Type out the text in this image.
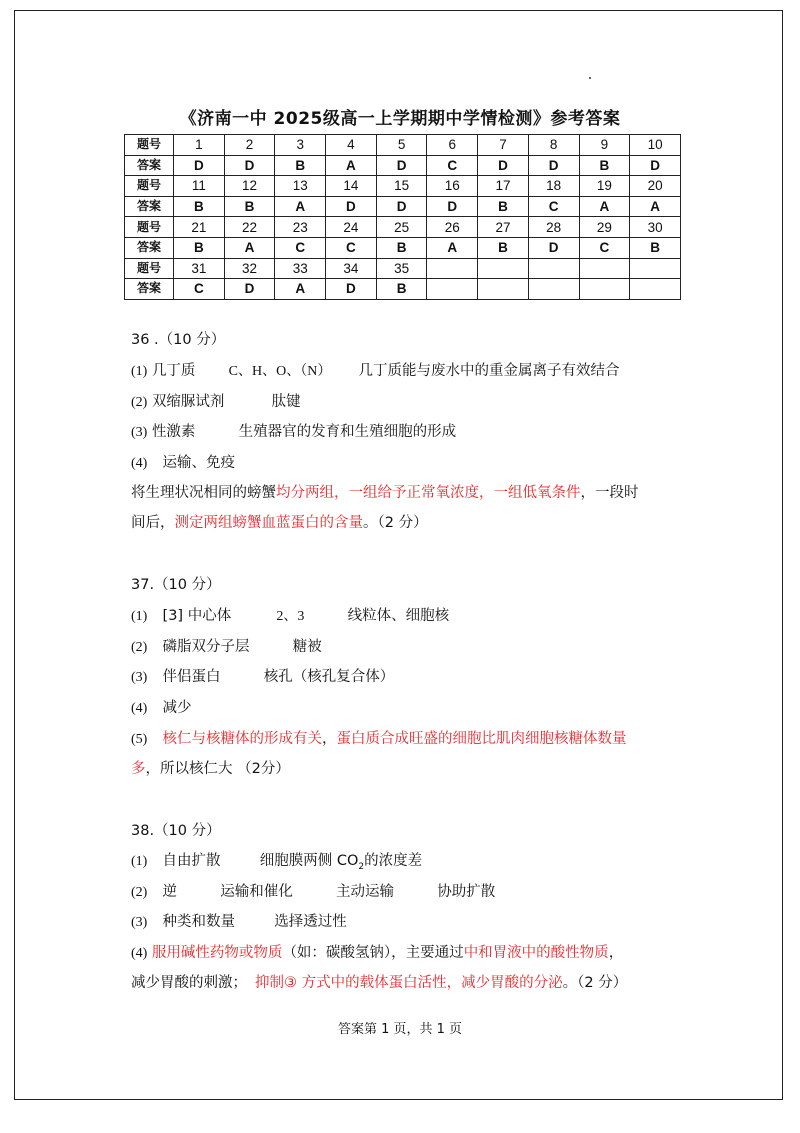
《济南一中 2025级高一上学期期中学情检测》参考答案
题号	1	2	3	4	5	6	7	8	9	10
答案	D	D	B	A	D	C	D	D	B	D
题号	11	12	13	14	15	16	17	18	19	20
答案	B	B	A	D	D	D	B	C	A	A
题号	21	22	23	24	25	26	27	28	29	30
答案	B	A	C	C	B	A	B	D	C	B
题号	31	32	33	34	35					
答案	C	D	A	D	B					
36 .（10 分）
(1) 几丁质 C、H、O、（N） 几丁质能与废水中的重金属离子有效结合
(2) 双缩脲试剂	肽键
(3) 性激素	生殖器官的发育和生殖细胞的形成
(4) 运输、免疫
将生理状况相同的螃蟹均分两组，一组给予正常氧浓度，一组低氧条件，一段时
间后，测定两组螃蟹血蓝蛋白的含量。（2 分）
37.（10 分）
(1) [3] 中心体	2、3	线粒体、细胞核
(2) 磷脂双分子层	糖被
(3) 伴侣蛋白	核孔（核孔复合体）
(4) 减少
(5) 核仁与核糖体的形成有关，蛋白质合成旺盛的细胞比肌肉细胞核糖体数量
多，所以核仁大 （2分）
38.（10 分）
(1) 自由扩散	细胞膜两侧 $CO_2$的浓度差
(2) 逆	运输和催化	主动运输	协助扩散
(3) 种类和数量	选择透过性
(4) 服用碱性药物或物质（如：碳酸氢钠），主要通过中和胃液中的酸性物质，
减少胃酸的刺激； 抑制③ 方式中的载体蛋白活性，减少胃酸的分泌。（2 分）
答案第 1 页，共 1 页
